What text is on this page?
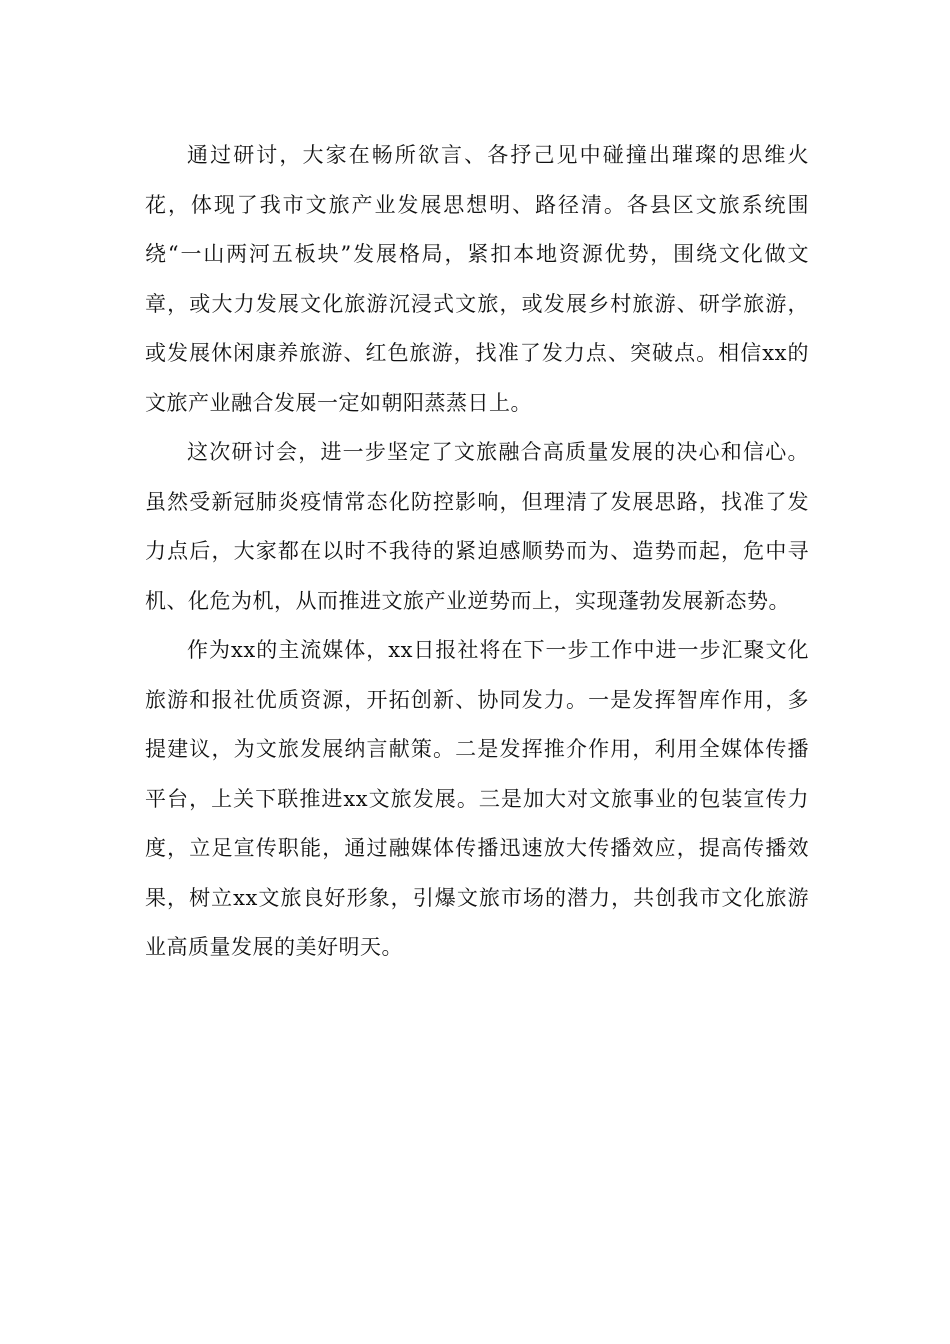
通过研讨，大家在畅所欲言、各抒己见中碰撞出璀璨的思维火花，体现了我市文旅产业发展思想明、路径清。各县区文旅系统围绕“一山两河五板块”发展格局，紧扣本地资源优势，围绕文化做文章，或大力发展文化旅游沉浸式文旅，或发展乡村旅游、研学旅游，或发展休闲康养旅游、红色旅游，找准了发力点、突破点。相信xx的文旅产业融合发展一定如朝阳蒸蒸日上。

这次研讨会，进一步坚定了文旅融合高质量发展的决心和信心。虽然受新冠肺炎疫情常态化防控影响，但理清了发展思路，找准了发力点后，大家都在以时不我待的紧迫感顺势而为、造势而起，危中寻机、化危为机，从而推进文旅产业逆势而上，实现蓬勃发展新态势。

作为xx的主流媒体，xx日报社将在下一步工作中进一步汇聚文化旅游和报社优质资源，开拓创新、协同发力。一是发挥智库作用，多提建议，为文旅发展纳言献策。二是发挥推介作用，利用全媒体传播平台，上关下联推进xx文旅发展。三是加大对文旅事业的包装宣传力度，立足宣传职能，通过融媒体传播迅速放大传播效应，提高传播效果，树立xx文旅良好形象，引爆文旅市场的潜力，共创我市文化旅游业高质量发展的美好明天。
